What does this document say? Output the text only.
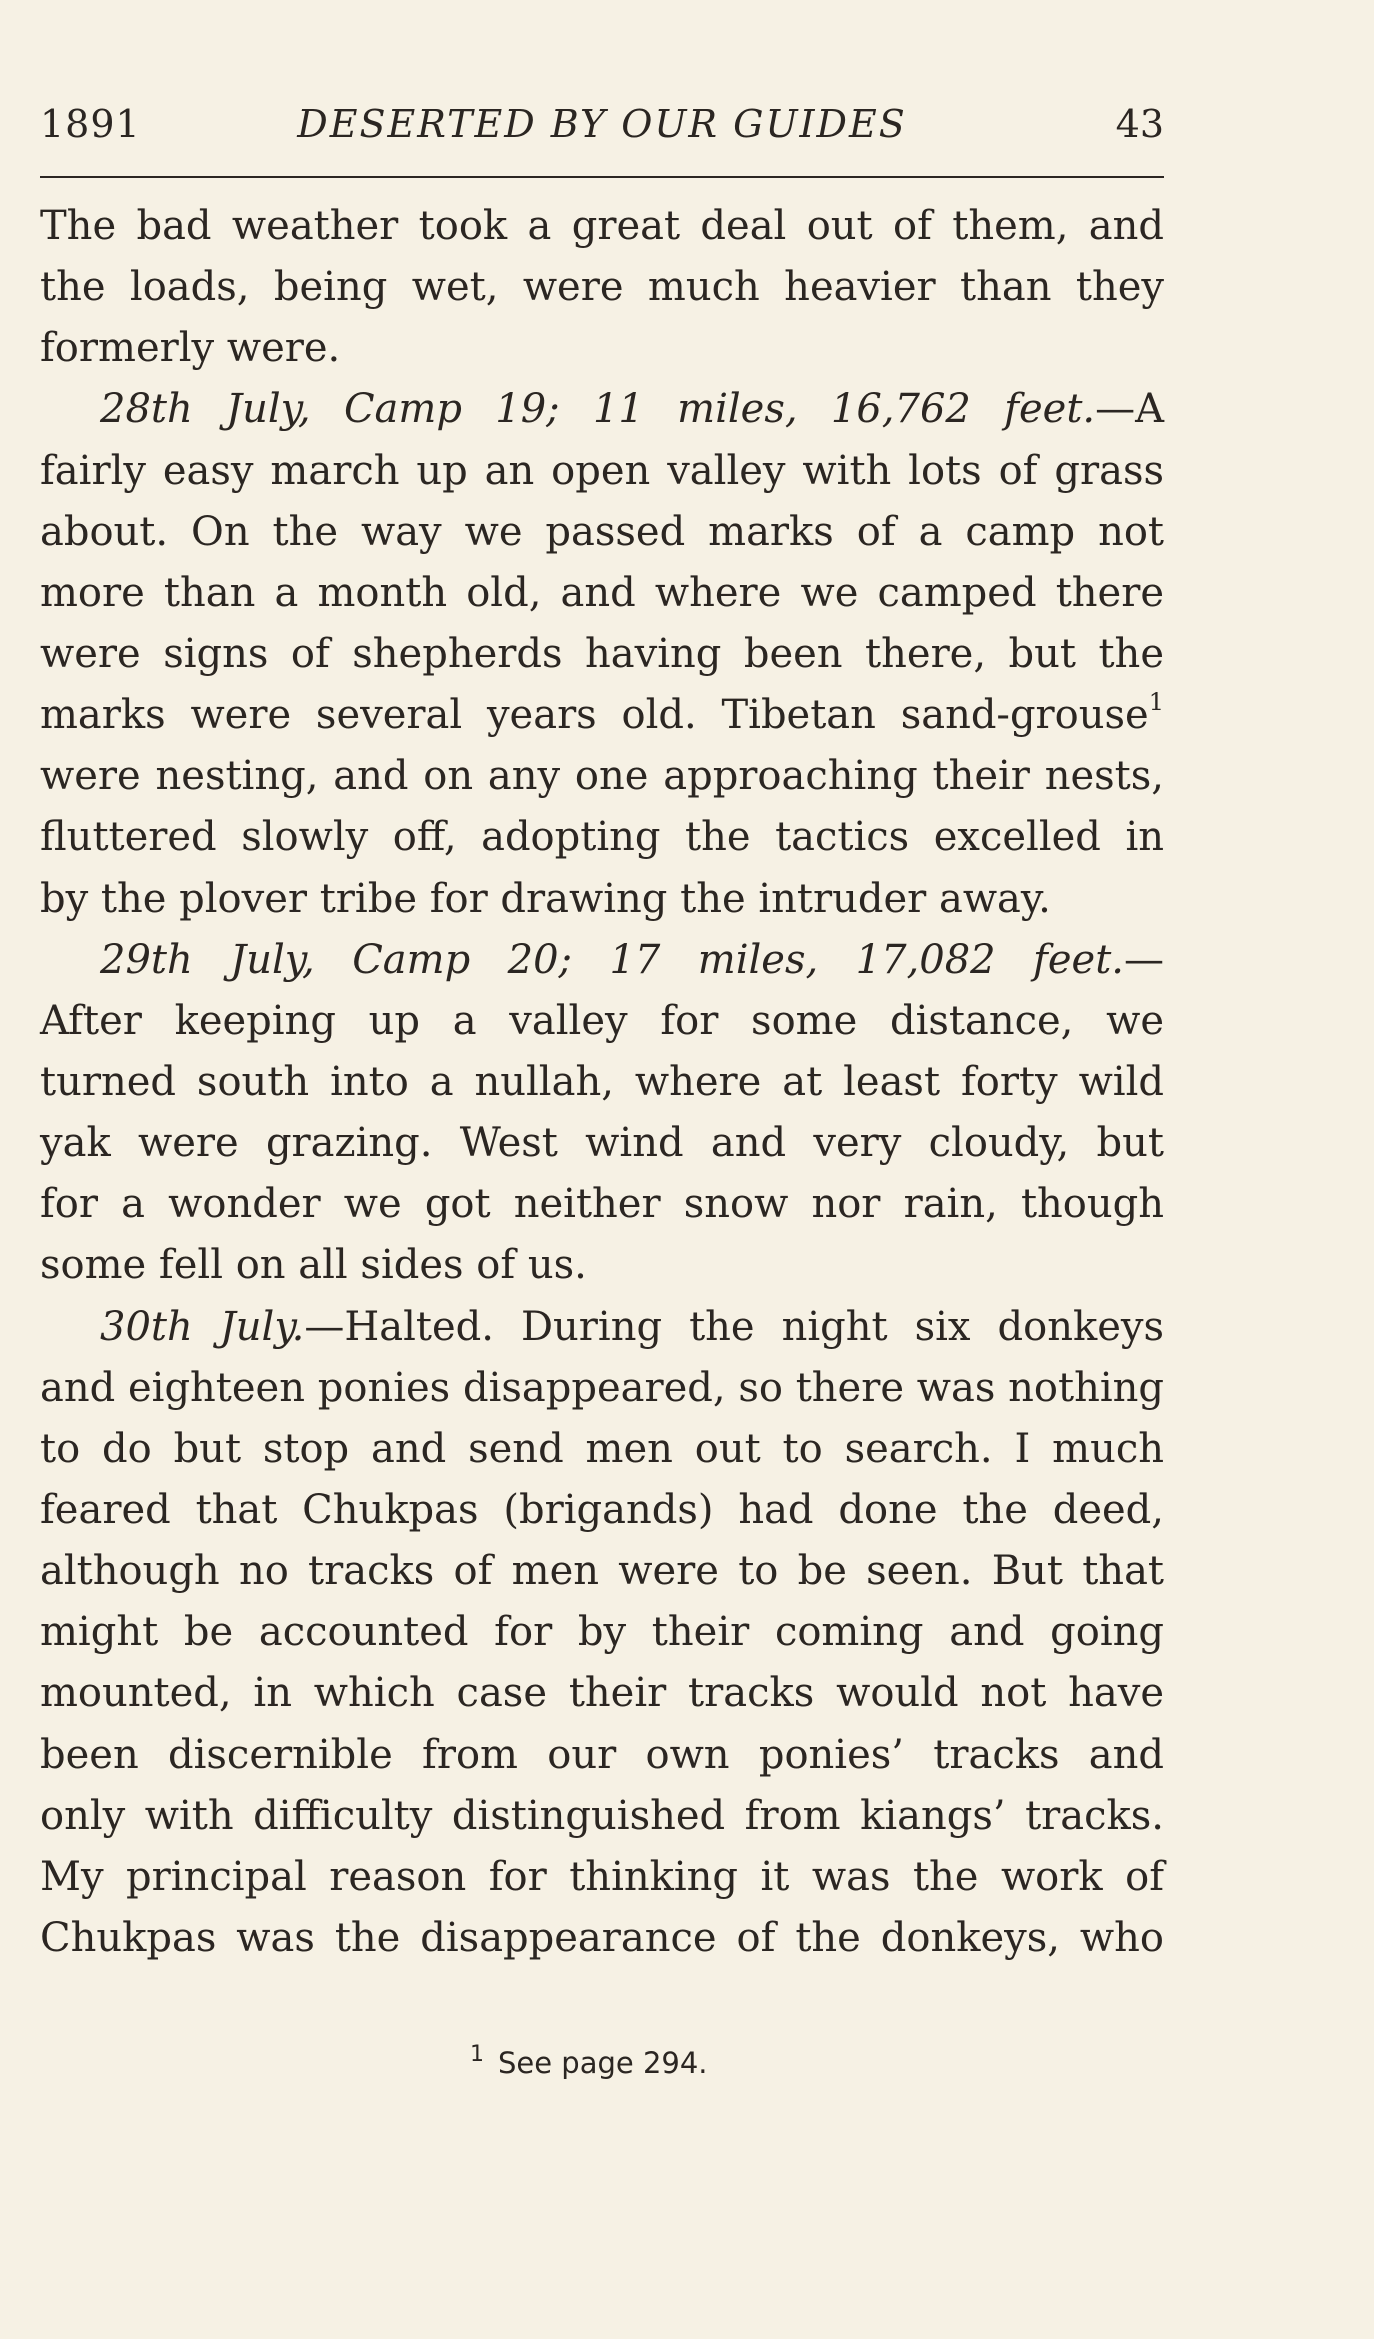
1891	DESERTED BY OUR GUIDES	43
The bad weather took a great deal out of them, and
the loads, being wet, were much heavier than they
formerly were.
28th July, Camp 19; 11 miles, 16,762 feet.—A
fairly easy march up an open valley with lots of grass
about. On the way we passed marks of a camp not
more than a month old, and where we camped there
were signs of shepherds having been there, but the
marks were several years old. Tibetan sand-grouse$^1$
were nesting, and on any one approaching their nests,
fluttered slowly off, adopting the tactics excelled in
by the plover tribe for drawing the intruder away.
29th July, Camp 20; 17 miles, 17,082 feet.—
After keeping up a valley for some distance, we
turned south into a nullah, where at least forty wild
yak were grazing. West wind and very cloudy, but
for a wonder we got neither snow nor rain, though
some fell on all sides of us.
30th July.—Halted. During the night six donkeys
and eighteen ponies disappeared, so there was nothing
to do but stop and send men out to search. I much
feared that Chukpas (brigands) had done the deed,
although no tracks of men were to be seen. But that
might be accounted for by their coming and going
mounted, in which case their tracks would not have
been discernible from our own ponies’ tracks and
only with difficulty distinguished from kiangs’ tracks.
My principal reason for thinking it was the work of
Chukpas was the disappearance of the donkeys, who
$^1$ See page 294.
